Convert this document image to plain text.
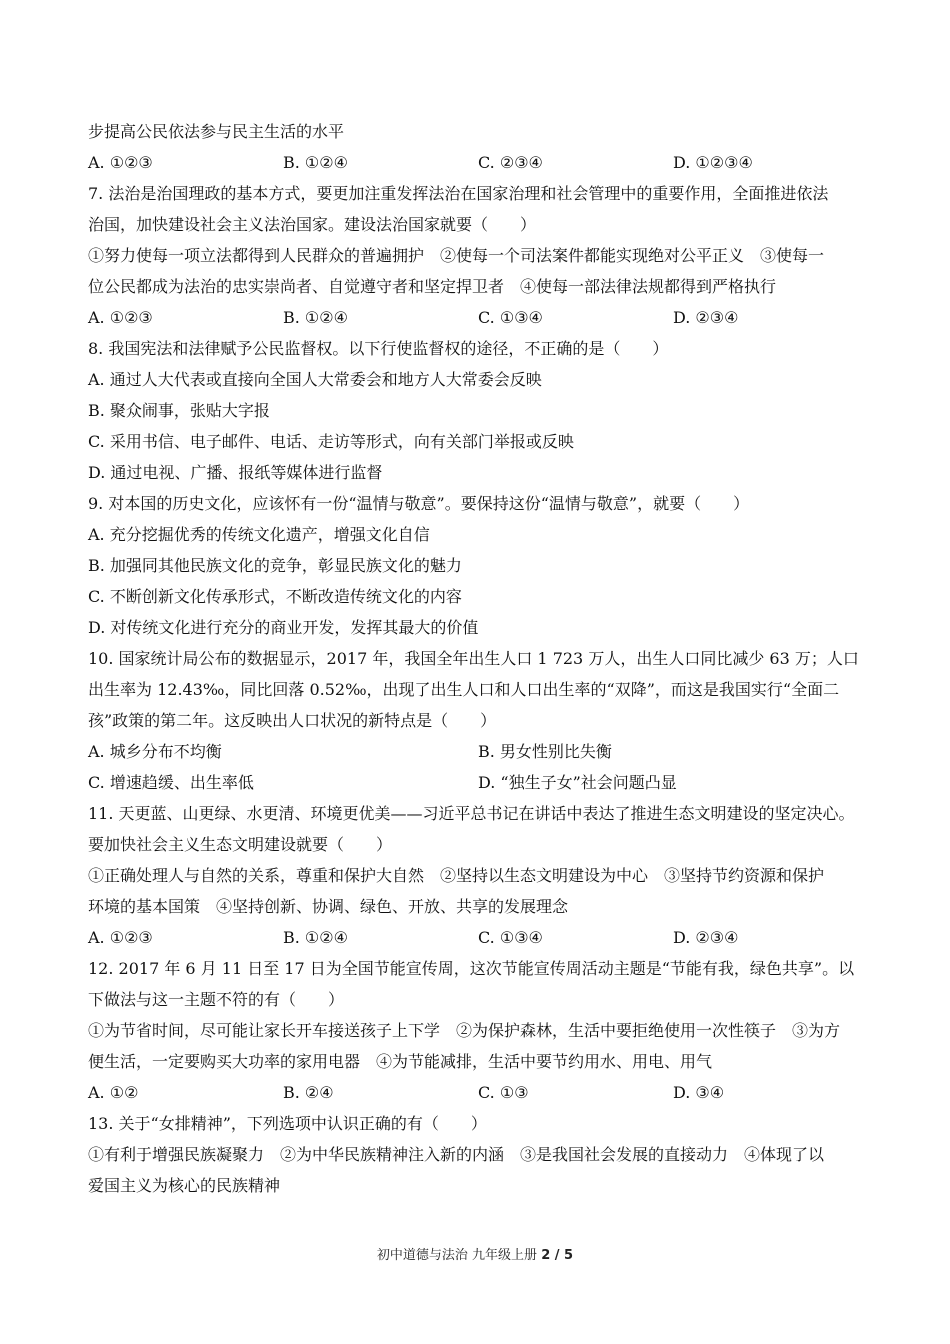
步提高公民依法参与民主生活的水平
A. ①②③	B. ①②④	C. ②③④	D. ①②③④
7. 法治是治国理政的基本方式，要更加注重发挥法治在国家治理和社会管理中的重要作用，全面推进依法
治国，加快建设社会主义法治国家。建设法治国家就要（　　）
①努力使每一项立法都得到人民群众的普遍拥护　②使每一个司法案件都能实现绝对公平正义　③使每一
位公民都成为法治的忠实崇尚者、自觉遵守者和坚定捍卫者　④使每一部法律法规都得到严格执行
A. ①②③	B. ①②④	C. ①③④	D. ②③④
8. 我国宪法和法律赋予公民监督权。以下行使监督权的途径，不正确的是（　　）
A. 通过人大代表或直接向全国人大常委会和地方人大常委会反映
B. 聚众闹事，张贴大字报
C. 采用书信、电子邮件、电话、走访等形式，向有关部门举报或反映
D. 通过电视、广播、报纸等媒体进行监督
9. 对本国的历史文化，应该怀有一份“温情与敬意”。要保持这份“温情与敬意”，就要（　　）
A. 充分挖掘优秀的传统文化遗产，增强文化自信
B. 加强同其他民族文化的竞争，彰显民族文化的魅力
C. 不断创新文化传承形式，不断改造传统文化的内容
D. 对传统文化进行充分的商业开发，发挥其最大的价值
10. 国家统计局公布的数据显示，2017 年，我国全年出生人口 1 723 万人，出生人口同比减少 63 万；人口
出生率为 12.43‰，同比回落 0.52‰，出现了出生人口和人口出生率的“双降”，而这是我国实行“全面二
孩”政策的第二年。这反映出人口状况的新特点是（　　）
A. 城乡分布不均衡	B. 男女性别比失衡
C. 增速趋缓、出生率低	D. “独生子女”社会问题凸显
11. 天更蓝、山更绿、水更清、环境更优美——习近平总书记在讲话中表达了推进生态文明建设的坚定决心。
要加快社会主义生态文明建设就要（　　）
①正确处理人与自然的关系，尊重和保护大自然　②坚持以生态文明建设为中心　③坚持节约资源和保护
环境的基本国策　④坚持创新、协调、绿色、开放、共享的发展理念
A. ①②③	B. ①②④	C. ①③④	D. ②③④
12. 2017 年 6 月 11 日至 17 日为全国节能宣传周，这次节能宣传周活动主题是“节能有我，绿色共享”。以
下做法与这一主题不符的有（　　）
①为节省时间，尽可能让家长开车接送孩子上下学　②为保护森林，生活中要拒绝使用一次性筷子　③为方
便生活，一定要购买大功率的家用电器　④为节能减排，生活中要节约用水、用电、用气
A. ①②	B. ②④	C. ①③	D. ③④
13. 关于“女排精神”，下列选项中认识正确的有（　　）
①有利于增强民族凝聚力　②为中华民族精神注入新的内涵　③是我国社会发展的直接动力　④体现了以
爱国主义为核心的民族精神
初中道德与法治 九年级上册 2 / 5
